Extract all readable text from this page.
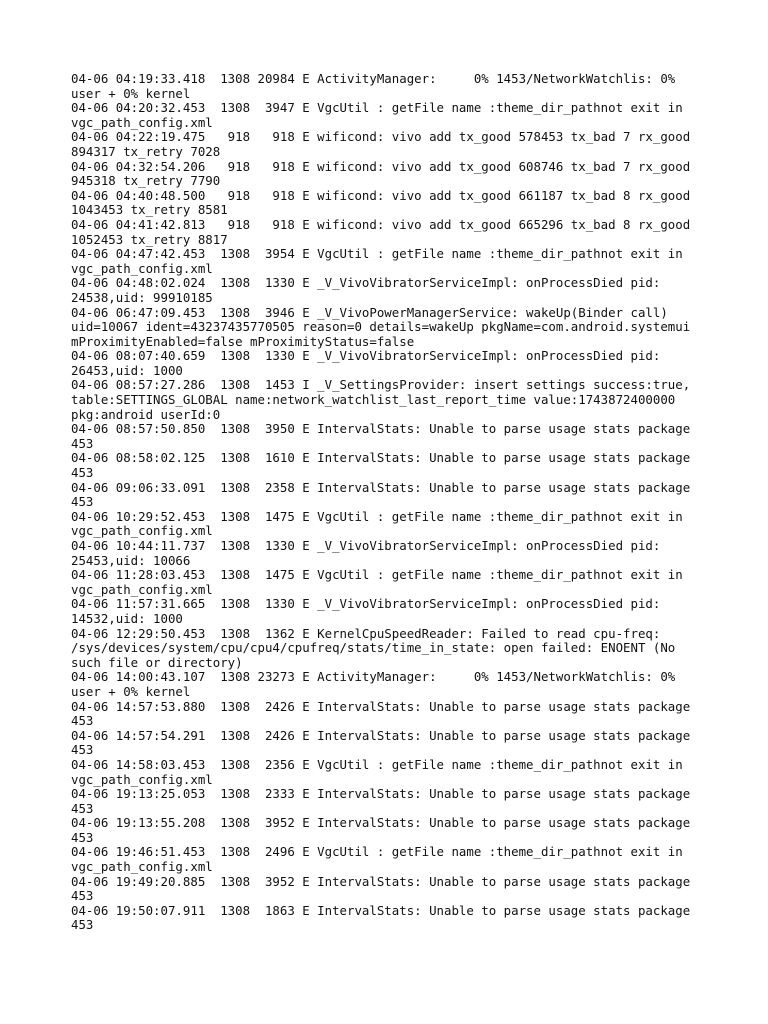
04-06 04:19:33.418  1308 20984 E ActivityManager:     0% 1453/NetworkWatchlis: 0%
user + 0% kernel
04-06 04:20:32.453  1308  3947 E VgcUtil : getFile name :theme_dir_pathnot exit in
vgc_path_config.xml
04-06 04:22:19.475   918   918 E wificond: vivo add tx_good 578453 tx_bad 7 rx_good
894317 tx_retry 7028
04-06 04:32:54.206   918   918 E wificond: vivo add tx_good 608746 tx_bad 7 rx_good
945318 tx_retry 7790
04-06 04:40:48.500   918   918 E wificond: vivo add tx_good 661187 tx_bad 8 rx_good
1043453 tx_retry 8581
04-06 04:41:42.813   918   918 E wificond: vivo add tx_good 665296 tx_bad 8 rx_good
1052453 tx_retry 8817
04-06 04:47:42.453  1308  3954 E VgcUtil : getFile name :theme_dir_pathnot exit in
vgc_path_config.xml
04-06 04:48:02.024  1308  1330 E _V_VivoVibratorServiceImpl: onProcessDied pid:
24538,uid: 99910185
04-06 06:47:09.453  1308  3946 E _V_VivoPowerManagerService: wakeUp(Binder call)
uid=10067 ident=43237435770505 reason=0 details=wakeUp pkgName=com.android.systemui
mProximityEnabled=false mProximityStatus=false
04-06 08:07:40.659  1308  1330 E _V_VivoVibratorServiceImpl: onProcessDied pid:
26453,uid: 1000
04-06 08:57:27.286  1308  1453 I _V_SettingsProvider: insert settings success:true,
table:SETTINGS_GLOBAL name:network_watchlist_last_report_time value:1743872400000
pkg:android userId:0
04-06 08:57:50.850  1308  3950 E IntervalStats: Unable to parse usage stats package
453
04-06 08:58:02.125  1308  1610 E IntervalStats: Unable to parse usage stats package
453
04-06 09:06:33.091  1308  2358 E IntervalStats: Unable to parse usage stats package
453
04-06 10:29:52.453  1308  1475 E VgcUtil : getFile name :theme_dir_pathnot exit in
vgc_path_config.xml
04-06 10:44:11.737  1308  1330 E _V_VivoVibratorServiceImpl: onProcessDied pid:
25453,uid: 10066
04-06 11:28:03.453  1308  1475 E VgcUtil : getFile name :theme_dir_pathnot exit in
vgc_path_config.xml
04-06 11:57:31.665  1308  1330 E _V_VivoVibratorServiceImpl: onProcessDied pid:
14532,uid: 1000
04-06 12:29:50.453  1308  1362 E KernelCpuSpeedReader: Failed to read cpu-freq:
/sys/devices/system/cpu/cpu4/cpufreq/stats/time_in_state: open failed: ENOENT (No
such file or directory)
04-06 14:00:43.107  1308 23273 E ActivityManager:     0% 1453/NetworkWatchlis: 0%
user + 0% kernel
04-06 14:57:53.880  1308  2426 E IntervalStats: Unable to parse usage stats package
453
04-06 14:57:54.291  1308  2426 E IntervalStats: Unable to parse usage stats package
453
04-06 14:58:03.453  1308  2356 E VgcUtil : getFile name :theme_dir_pathnot exit in
vgc_path_config.xml
04-06 19:13:25.053  1308  2333 E IntervalStats: Unable to parse usage stats package
453
04-06 19:13:55.208  1308  3952 E IntervalStats: Unable to parse usage stats package
453
04-06 19:46:51.453  1308  2496 E VgcUtil : getFile name :theme_dir_pathnot exit in
vgc_path_config.xml
04-06 19:49:20.885  1308  3952 E IntervalStats: Unable to parse usage stats package
453
04-06 19:50:07.911  1308  1863 E IntervalStats: Unable to parse usage stats package
453
